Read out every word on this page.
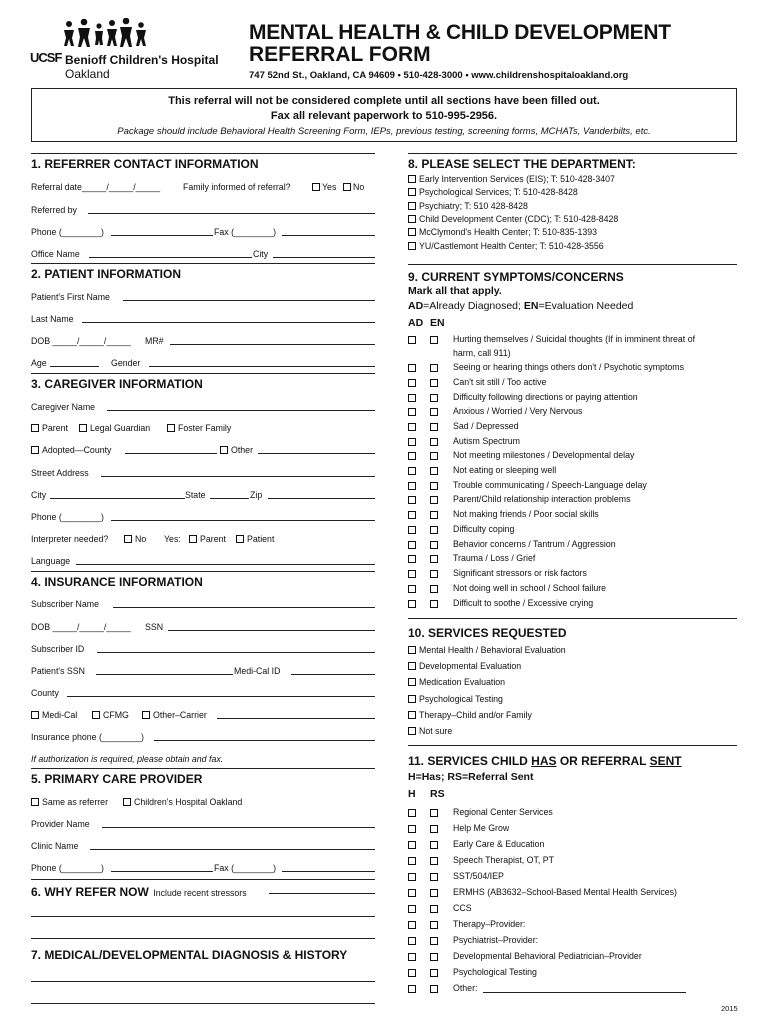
UCSF Benioff Children's Hospital
Oakland
MENTAL HEALTH & CHILD DEVELOPMENT
REFERRAL FORM
747 52nd St., Oakland, CA 94609 • 510-428-3000 • www.childrenshospitaloakland.org
This referral will not be considered complete until all sections have been filled out.
Fax all relevant paperwork to 510-995-2956.
Package should include Behavioral Health Screening Form, IEPs, previous testing, screening forms, MCHATs, Vanderbilts, etc.
1. REFERRER CONTACT INFORMATION
Referral date_____/_____/_____	Family informed of referral?	Yes No
Referred by
Phone (________)	Fax (________)
Office Name	City
2. PATIENT INFORMATION
Patient's First Name
Last Name
DOB _____/_____/_____ MR#
Age	Gender
3. CAREGIVER INFORMATION
Caregiver Name
Parent	Legal Guardian	Foster Family
Adopted—County	Other
Street Address
City	State	Zip
Phone (________)
Interpreter needed?	No Yes: Parent Patient
Language
4. INSURANCE INFORMATION
Subscriber Name
DOB _____/_____/_____ SSN
Subscriber ID
Patient's SSN	Medi-Cal ID
County
Medi-Cal	CFMG	Other–Carrier
Insurance phone (________)
If authorization is required, please obtain and fax.
5. PRIMARY CARE PROVIDER
Same as referrer	Children's Hospital Oakland
Provider Name
Clinic Name
Phone (________)	Fax (________)
6. WHY REFER NOW Include recent stressors
7. MEDICAL/DEVELOPMENTAL DIAGNOSIS & HISTORY
8. PLEASE SELECT THE DEPARTMENT:
Early Intervention Services (EIS); T: 510-428-3407
Psychological Services; T: 510-428-8428
Psychiatry; T: 510 428-8428
Child Development Center (CDC); T: 510-428-8428
McClymond's Health Center; T: 510-835-1393
YU/Castlemont Health Center; T: 510-428-3556
9. CURRENT SYMPTOMS/CONCERNS
Mark all that apply.
AD=Already Diagnosed; EN=Evaluation Needed
AD EN
Hurting themselves / Suicidal thoughts (If in imminent threat of
harm, call 911)
Seeing or hearing things others don't / Psychotic symptoms
Can't sit still / Too active
Difficulty following directions or paying attention
Anxious / Worried / Very Nervous
Sad / Depressed
Autism Spectrum
Not meeting milestones / Developmental delay
Not eating or sleeping well
Trouble communicating / Speech-Language delay
Parent/Child relationship interaction problems
Not making friends / Poor social skills
Difficulty coping
Behavior concerns / Tantrum / Aggression
Trauma / Loss / Grief
Significant stressors or risk factors
Not doing well in school / School failure
Difficult to soothe / Excessive crying
10. SERVICES REQUESTED
Mental Health / Behavioral Evaluation
Developmental Evaluation
Medication Evaluation
Psychological Testing
Therapy–Child and/or Family
Not sure
11. SERVICES CHILD HAS OR REFERRAL SENT
H=Has; RS=Referral Sent
H RS
Regional Center Services
Help Me Grow
Early Care & Education
Speech Therapist, OT, PT
SST/504/IEP
ERMHS (AB3632–School-Based Mental Health Services)
CCS
Therapy–Provider:
Psychiatrist–Provider:
Developmental Behavioral Pediatrician–Provider
Psychological Testing
Other:
2015
